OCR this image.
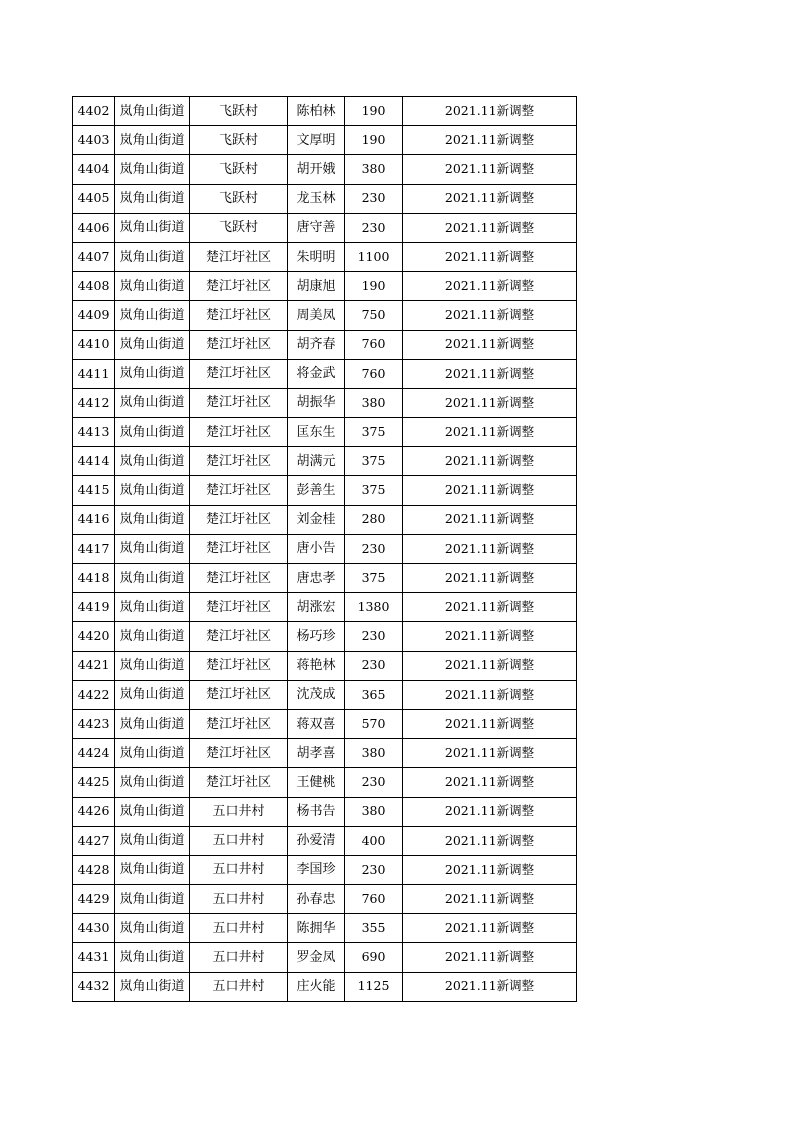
4402	岚角山街道	飞跃村	陈柏林	190	2021.11新调整
4403	岚角山街道	飞跃村	文厚明	190	2021.11新调整
4404	岚角山街道	飞跃村	胡开娥	380	2021.11新调整
4405	岚角山街道	飞跃村	龙玉林	230	2021.11新调整
4406	岚角山街道	飞跃村	唐守善	230	2021.11新调整
4407	岚角山街道	楚江圩社区	朱明明	1100	2021.11新调整
4408	岚角山街道	楚江圩社区	胡康旭	190	2021.11新调整
4409	岚角山街道	楚江圩社区	周美凤	750	2021.11新调整
4410	岚角山街道	楚江圩社区	胡齐春	760	2021.11新调整
4411	岚角山街道	楚江圩社区	将金武	760	2021.11新调整
4412	岚角山街道	楚江圩社区	胡振华	380	2021.11新调整
4413	岚角山街道	楚江圩社区	匡东生	375	2021.11新调整
4414	岚角山街道	楚江圩社区	胡满元	375	2021.11新调整
4415	岚角山街道	楚江圩社区	彭善生	375	2021.11新调整
4416	岚角山街道	楚江圩社区	刘金桂	280	2021.11新调整
4417	岚角山街道	楚江圩社区	唐小告	230	2021.11新调整
4418	岚角山街道	楚江圩社区	唐忠孝	375	2021.11新调整
4419	岚角山街道	楚江圩社区	胡涨宏	1380	2021.11新调整
4420	岚角山街道	楚江圩社区	杨巧珍	230	2021.11新调整
4421	岚角山街道	楚江圩社区	蒋艳林	230	2021.11新调整
4422	岚角山街道	楚江圩社区	沈茂成	365	2021.11新调整
4423	岚角山街道	楚江圩社区	蒋双喜	570	2021.11新调整
4424	岚角山街道	楚江圩社区	胡孝喜	380	2021.11新调整
4425	岚角山街道	楚江圩社区	王健桃	230	2021.11新调整
4426	岚角山街道	五口井村	杨书告	380	2021.11新调整
4427	岚角山街道	五口井村	孙爱清	400	2021.11新调整
4428	岚角山街道	五口井村	李国珍	230	2021.11新调整
4429	岚角山街道	五口井村	孙春忠	760	2021.11新调整
4430	岚角山街道	五口井村	陈拥华	355	2021.11新调整
4431	岚角山街道	五口井村	罗金凤	690	2021.11新调整
4432	岚角山街道	五口井村	庄火能	1125	2021.11新调整
